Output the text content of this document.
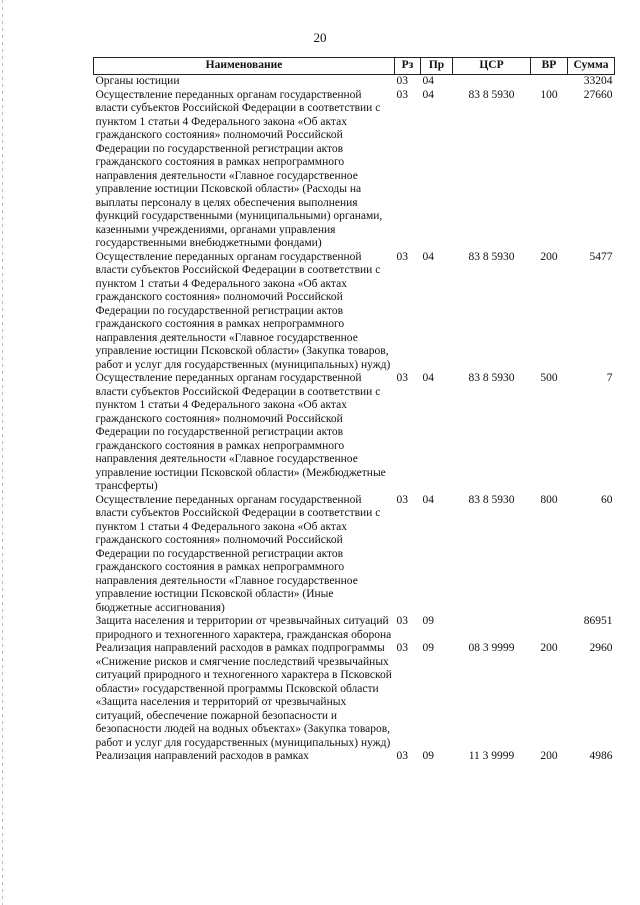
20
Наименование	Рз	Пр	ЦСР	ВР	Сумма
Органы юстиции	03	04			33204
Осуществление переданных органам государственной власти субъектов Российской Федерации в соответствии с пунктом 1 статьи 4 Федерального закона «Об актах гражданского состояния» полномочий Российской Федерации по государственной регистрации актов гражданского состояния в рамках непрограммного направления деятельности «Главное государственное управление юстиции Псковской области» (Расходы на выплаты персоналу в целях обеспечения выполнения функций государственными (муниципальными) органами, казенными учреждениями, органами управления государственными внебюджетными фондами)	03	04	83 8 5930	100	27660
Осуществление переданных органам государственной власти субъектов Российской Федерации в соответствии с пунктом 1 статьи 4 Федерального закона «Об актах гражданского состояния» полномочий Российской Федерации по государственной регистрации актов гражданского состояния в рамках непрограммного направления деятельности «Главное государственное управление юстиции Псковской области» (Закупка товаров, работ и услуг для государственных (муниципальных) нужд)	03	04	83 8 5930	200	5477
Осуществление переданных органам государственной власти субъектов Российской Федерации в соответствии с пунктом 1 статьи 4 Федерального закона «Об актах гражданского состояния» полномочий Российской Федерации по государственной регистрации актов гражданского состояния в рамках непрограммного направления деятельности «Главное государственное управление юстиции Псковской области» (Межбюджетные трансферты)	03	04	83 8 5930	500	7
Осуществление переданных органам государственной власти субъектов Российской Федерации в соответствии с пунктом 1 статьи 4 Федерального закона «Об актах гражданского состояния» полномочий Российской Федерации по государственной регистрации актов гражданского состояния в рамках непрограммного направления деятельности «Главное государственное управление юстиции Псковской области» (Иные бюджетные ассигнования)	03	04	83 8 5930	800	60
Защита населения и территории от чрезвычайных ситуаций природного и техногенного характера, гражданская оборона	03	09			86951
Реализация направлений расходов в рамках подпрограммы «Снижение рисков и смягчение последствий чрезвычайных ситуаций природного и техногенного характера в Псковской области» государственной программы Псковской области «Защита населения и территорий от чрезвычайных ситуаций, обеспечение пожарной безопасности и безопасности людей на водных объектах» (Закупка товаров, работ и услуг для государственных (муниципальных) нужд)	03	09	08 3 9999	200	2960
Реализация направлений расходов в рамках	03	09	11 3 9999	200	4986
